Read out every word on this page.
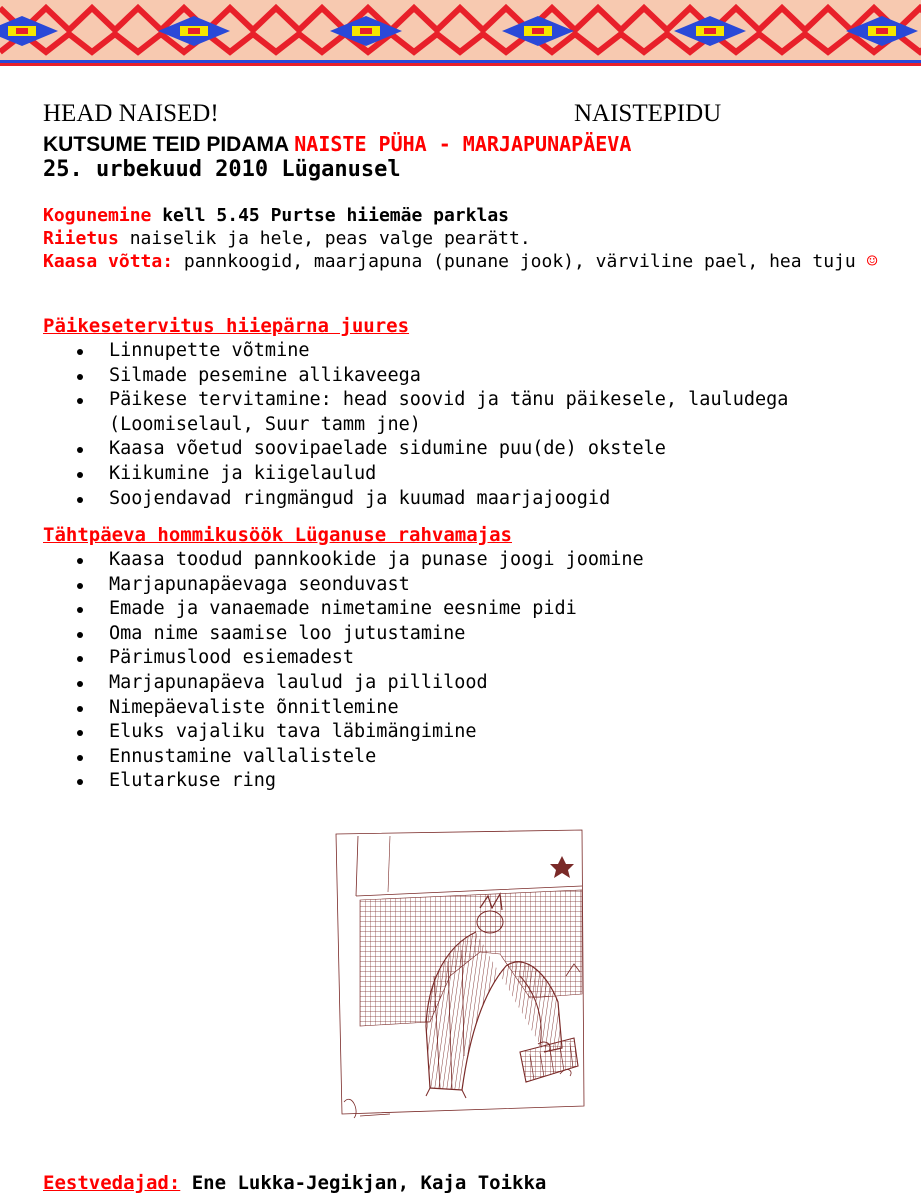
HEAD NAISED!	NAISTEPIDU
KUTSUME TEID PIDAMA NAISTE PÜHA - MARJAPUNAPÄEVA
25. urbekuud 2010 Lüganusel
Kogunemine kell 5.45 Purtse hiiemäe parklas
Riietus naiselik ja hele, peas valge pearätt.
Kaasa võtta: pannkoogid, maarjapuna (punane jook), värviline pael, hea tuju ☺
Päikesetervitus hiiepärna juures
Linnupette võtmine
Silmade pesemine allikaveega
Päikese tervitamine: head soovid ja tänu päikesele, lauludega (Loomiselaul, Suur tamm jne)
Kaasa võetud soovipaelade sidumine puu(de) okstele
Kiikumine ja kiigelaulud
Soojendavad ringmängud ja kuumad maarjajoogid
Tähtpäeva hommikusöök Lüganuse rahvamajas
Kaasa toodud pannkookide ja punase joogi joomine
Marjapunapäevaga seonduvast
Emade ja vanaemade nimetamine eesnime pidi
Oma nime saamise loo jutustamine
Pärimuslood esiemadest
Marjapunapäeva laulud ja pillilood
Nimepäevaliste õnnitlemine
Eluks vajaliku tava läbimängimine
Ennustamine vallalistele
Elutarkuse ring
Eestvedajad: Ene Lukka-Jegikjan, Kaja Toikka
